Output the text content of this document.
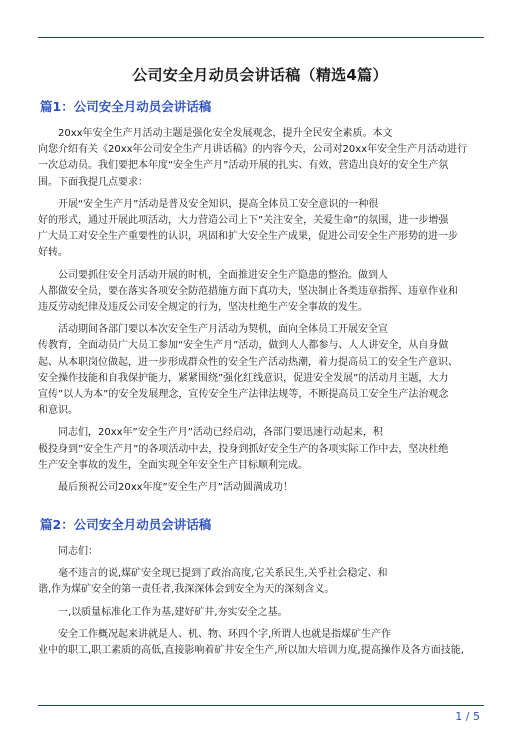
公司安全月动员会讲话稿（精选4篇）
篇1：公司安全月动员会讲话稿
20xx年安全生产月活动主题是强化安全发展观念，提升全民安全素质。本文
向您介绍有关《20xx年公司安全生产月讲话稿》的内容今天，公司对20xx年安全生产月活动进行
一次总动员。我们要把本年度“安全生产月”活动开展的扎实、有效，营造出良好的安全生产氛
围。下面我提几点要求：
开展“安全生产月”活动是普及安全知识，提高全体员工安全意识的一种很
好的形式，通过开展此项活动，大力营造公司上下”关注安全，关爱生命”的氛围，进一步增强
广大员工对安全生产重要性的认识，巩固和扩大安全生产成果，促进公司安全生产形势的进一步
好转。
公司要抓住安全月活动开展的时机，全面推进安全生产隐患的整治。做到人
人都做安全员，要在落实各项安全防范措施方面下真功夫，坚决制止各类违章指挥、违章作业和
违反劳动纪律及违反公司安全规定的行为，坚决杜绝生产安全事故的发生。
活动期间各部门要以本次安全生产月活动为契机，面向全体员工开展安全宣
传教育，全面动员广大员工参加“安全生产月”活动，做到人人都参与、人人讲安全，从自身做
起、从本职岗位做起，进一步形成群众性的安全生产活动热潮，着力提高员工的安全生产意识、
安全操作技能和自我保护能力，紧紧围绕”强化红线意识，促进安全发展”的活动月主题，大力
宣传”以人为本”的安全发展理念，宣传安全生产法律法规等，不断提高员工安全生产法治观念
和意识。
同志们，20xx年”安全生产月”活动已经启动，各部门要迅速行动起来，积
极投身到”安全生产月”的各项活动中去，投身到抓好安全生产的各项实际工作中去，坚决杜绝
生产安全事故的发生，全面实现全年安全生产目标顺利完成。
最后预祝公司20xx年度”安全生产月”活动圆满成功！
篇2：公司安全月动员会讲话稿
同志们：
毫不违言的说,煤矿安全现已提到了政治高度,它关系民生,关乎社会稳定、和
谐,作为煤矿安全的第一责任者,我深深体会到安全为天的深刻含义。
一,以质量标准化工作为基,建好矿井,夯实安全之基。
安全工作概况起来讲就是人、机、物、环四个字,所谓人也就是指煤矿生产作
业中的职工,职工素质的高低,直接影响着矿井安全生产,所以加大培训力度,提高操作及各方面技能,
1 / 5
